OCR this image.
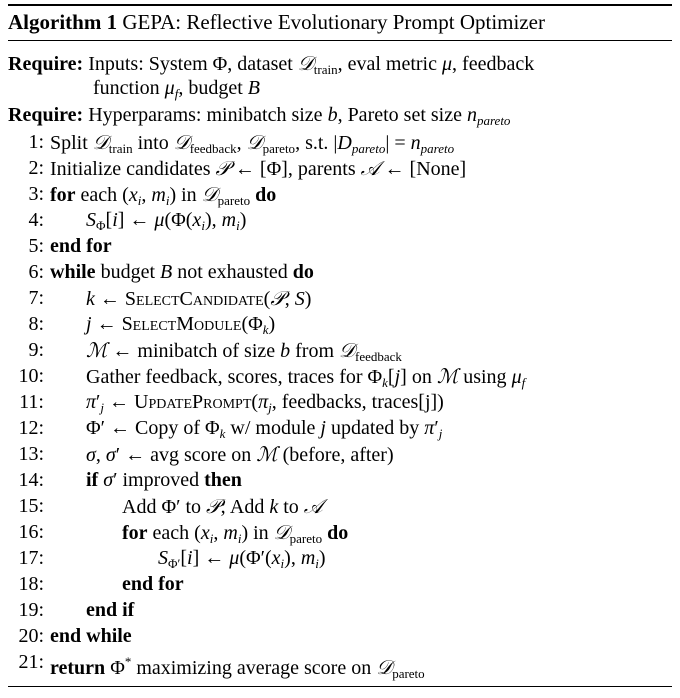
Algorithm 1 GEPA: Reflective Evolutionary Prompt Optimizer
Require: Inputs: System Φ, dataset 𝒟$_{train}$, eval metric μ, feedback
function $\mu_f$, budget B
Require: Hyperparams: minibatch size b, Pareto set size $n_{pareto}$
1: Split 𝒟$_{train}$ into 𝒟$_{feedback}$, 𝒟$_{pareto}$, s.t. $|D_{pareto}| = n_{pareto}$
2: Initialize candidates 𝒫 ← [Φ], parents 𝒜 ← [None]
3: for each ($x_i$, $m_i$) in 𝒟$_{pareto}$ do
4:	$S_\Phi[i]$ ← $\mu(\Phi(x_i)$, $m_i$)
5: end for
6: while budget B not exhausted do
7:	k ← SelectCandidate(𝒫, S)
8:	j ← $SelectModule(\Phi_k)$
9:	ℳ ← minibatch of size b from 𝒟$_{feedback}$
10:	Gather feedback, scores, traces for $\Phi_k[j]$ on ℳ using $\mu_f$
11:	$\pi'_j$ ← $UpdatePrompt(\pi_j$, feedbacks, traces[j])
12:	Φ′ ← Copy of $\Phi_k$ w/ module j updated by $\pi'_j$
13:	σ, σ′ ← avg score on ℳ (before, after)
14:	if σ′ improved then
15:	Add Φ′ to 𝒫; Add k to 𝒜
16:	for each ($x_i$, $m_i$) in 𝒟$_{pareto}$ do
17:	$S_{\Phi'}[i]$ ← $\mu(\Phi'(x_i)$, $m_i$)
18:	end for
19:	end if
20: end while
21: return Φ* maximizing average score on 𝒟$_{pareto}$
